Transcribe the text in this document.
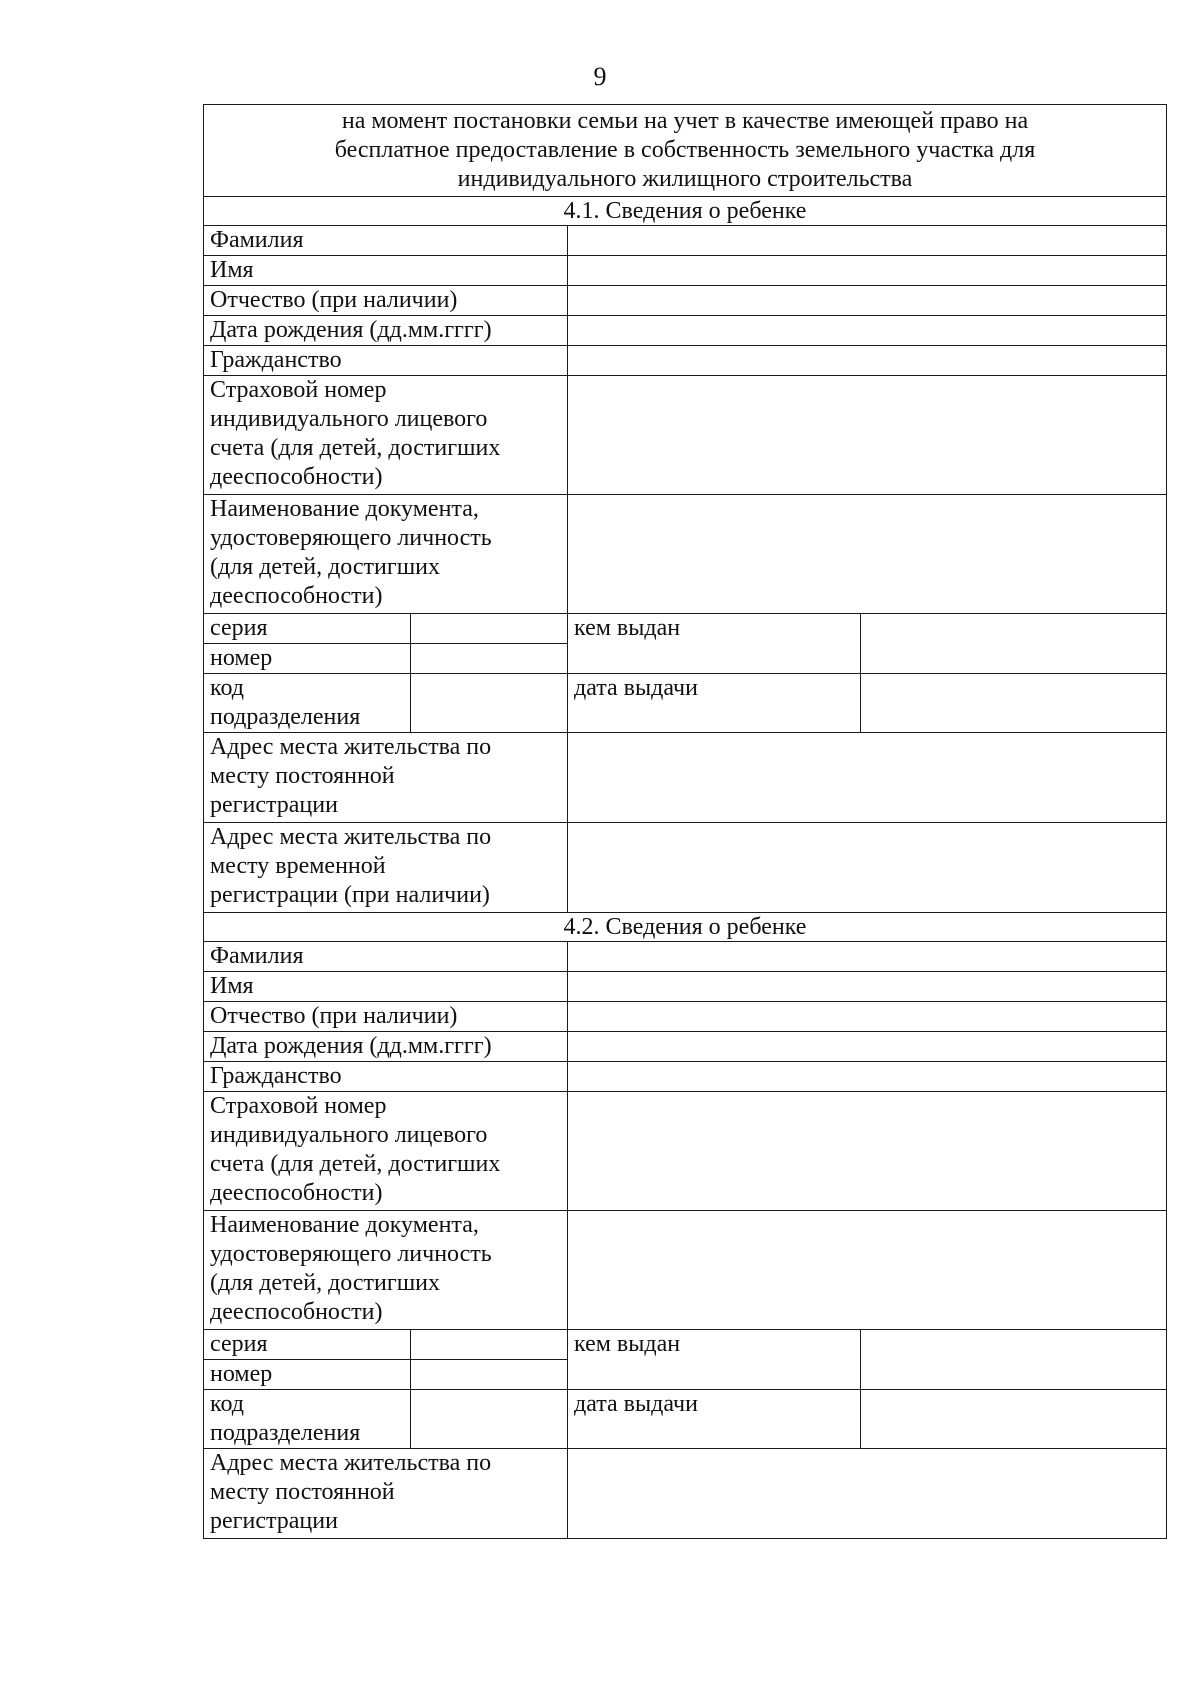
9
на момент постановки семьи на учет в качестве имеющей право на
бесплатное предоставление в собственность земельного участка для
индивидуального жилищного строительства			

4.1. Сведения о ребенке			
Фамилия			
Имя			
Отчество (при наличии)			
Дата рождения (дд.мм.гггг)			
Гражданство			

Страховой номер
индивидуального лицевого
счета (для детей, достигших
дееспособности)			

Наименование документа,
удостоверяющего личность
(для детей, достигших
дееспособности)			

серия		кем выдан	
номер			

код
подразделения		дата выдачи	

Адрес места жительства по
месту постоянной
регистрации			

Адрес места жительства по
месту временной
регистрации (при наличии)			

4.2. Сведения о ребенке			
Фамилия			
Имя			
Отчество (при наличии)			
Дата рождения (дд.мм.гггг)			
Гражданство			

Страховой номер
индивидуального лицевого
счета (для детей, достигших
дееспособности)			

Наименование документа,
удостоверяющего личность
(для детей, достигших
дееспособности)			

серия		кем выдан	
номер			

код
подразделения		дата выдачи	

Адрес места жительства по
месту постоянной
регистрации			
